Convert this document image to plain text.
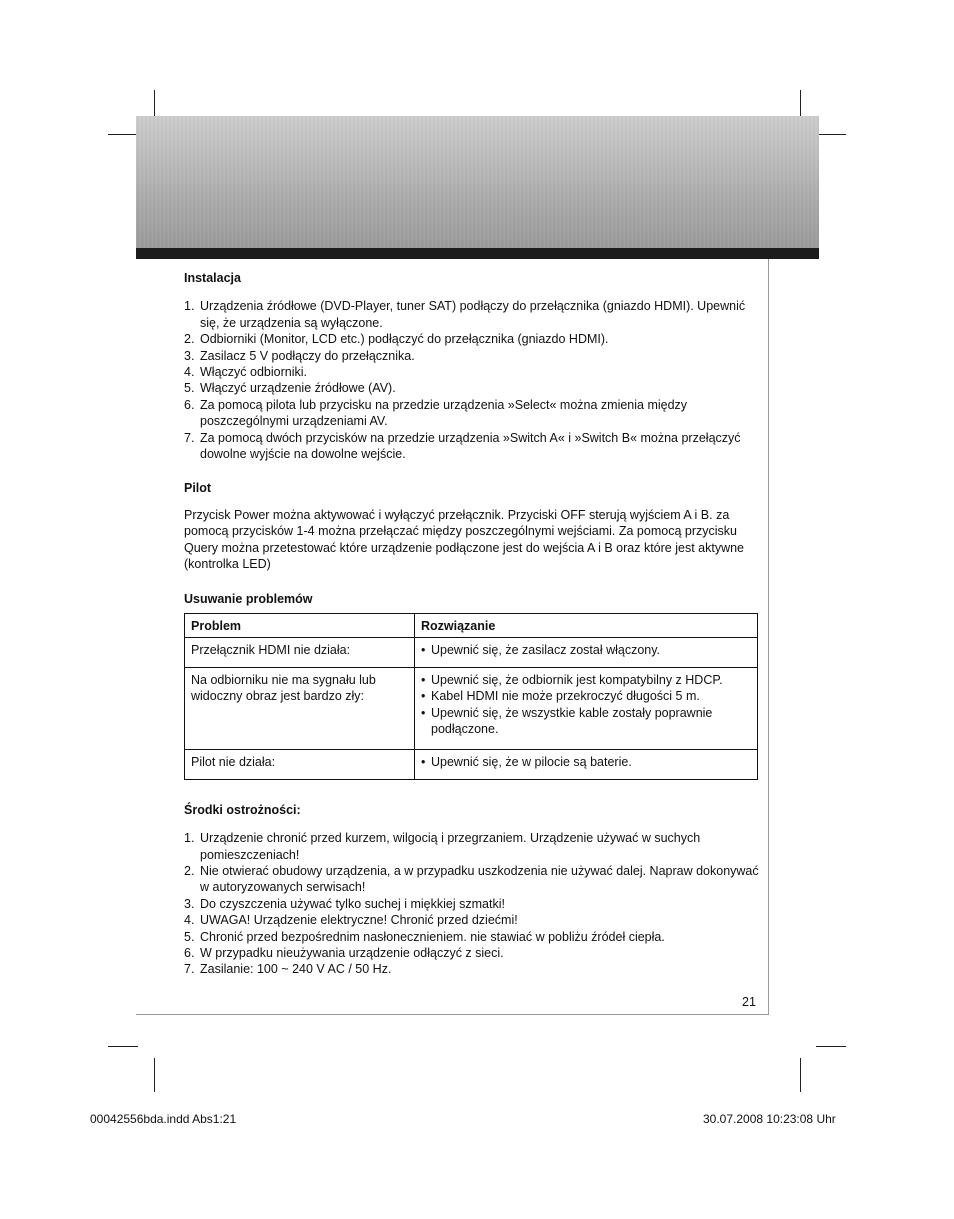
Instalacja
1. Urządzenia źródłowe (DVD-Player, tuner SAT) podłączy do przełącznika (gniazdo HDMI). Upewnić się, że urządzenia są wyłączone.
2. Odbiorniki (Monitor, LCD etc.) podłączyć do przełącznika (gniazdo HDMI).
3. Zasilacz 5 V podłączy do przełącznika.
4. Włączyć odbiorniki.
5. Włączyć urządzenie źródłowe (AV).
6. Za pomocą pilota lub przycisku na przedzie urządzenia »Select« można zmienia między poszczególnymi urządzeniami AV.
7. Za pomocą dwóch przycisków na przedzie urządzenia »Switch A« i »Switch B« można przełączyć dowolne wyjście na dowolne wejście.
Pilot

Przycisk Power można aktywować i wyłączyć przełącznik. Przyciski OFF sterują wyjściem A i B. za pomocą przycisków 1-4 można przełączać między poszczególnymi wejściami. Za pomocą przycisku Query można przetestować które urządzenie podłączone jest do wejścia A i B oraz które jest aktywne (kontrolka LED)

Usuwanie problemów
Problem	Rozwiązanie
Przełącznik HDMI nie działa:	• Upewnić się, że zasilacz został włączony.

Na odbiorniku nie ma sygnału lub widoczny obraz jest bardzo zły:	• Upewnić się, że odbiornik jest kompatybilny z HDCP.
• Kabel HDMI nie może przekroczyć długości 5 m.
• Upewnić się, że wszystkie kable zostały poprawnie podłączone.

Pilot nie działa:	• Upewnić się, że w pilocie są baterie.
Środki ostrożności:
1. Urządzenie chronić przed kurzem, wilgocią i przegrzaniem. Urządzenie używać w suchych pomieszczeniach!
2. Nie otwierać obudowy urządzenia, a w przypadku uszkodzenia nie używać dalej. Napraw dokonywać w autoryzowanych serwisach!
3. Do czyszczenia używać tylko suchej i miękkiej szmatki!
4. UWAGA! Urządzenie elektryczne! Chronić przed dziećmi!
5. Chronić przed bezpośrednim nasłonecznieniem. nie stawiać w pobliżu źródeł ciepła.
6. W przypadku nieużywania urządzenie odłączyć z sieci.
7. Zasilanie: 100 ~ 240 V AC / 50 Hz.
21
00042556bda.indd Abs1:21	30.07.2008 10:23:08 Uhr
